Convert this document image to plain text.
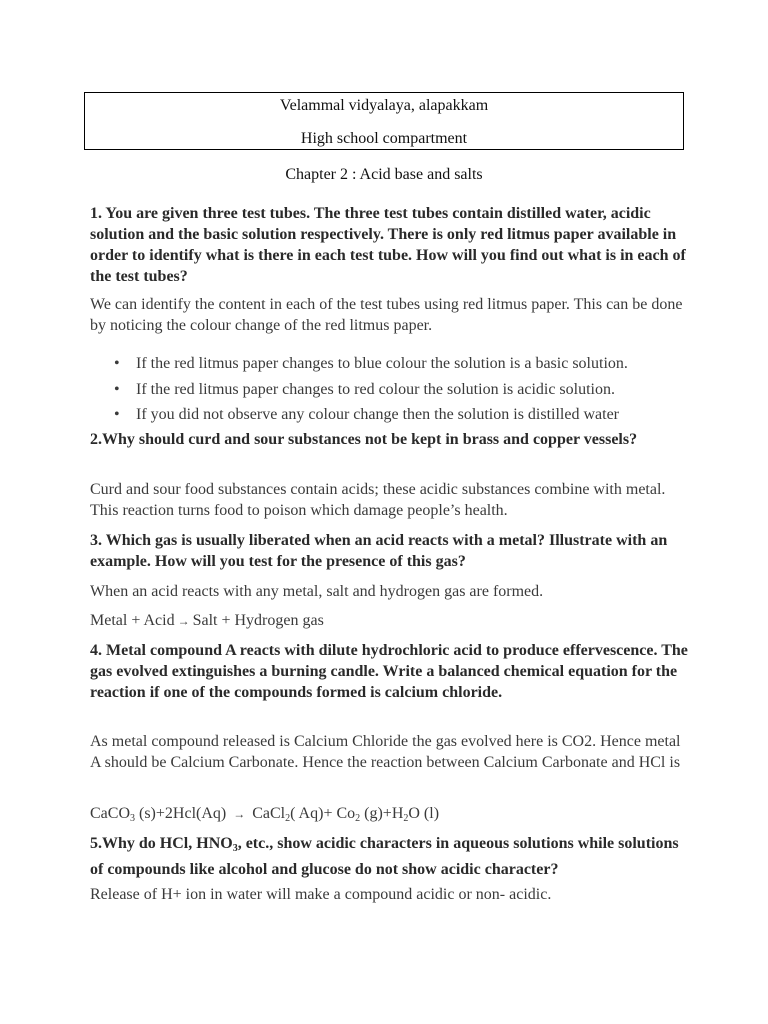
Velammal vidyalaya, alapakkam
High school compartment
Chapter 2 : Acid base and salts
1. You are given three test tubes. The three test tubes contain distilled water, acidic solution and the basic solution respectively. There is only red litmus paper available in order to identify what is there in each test tube. How will you find out what is in each of the test tubes?
We can identify the content in each of the test tubes using red litmus paper. This can be done by noticing the colour change of the red litmus paper.
• If the red litmus paper changes to blue colour the solution is a basic solution.
• If the red litmus paper changes to red colour the solution is acidic solution.
• If you did not observe any colour change then the solution is distilled water
2.Why should curd and sour substances not be kept in brass and copper vessels?
Curd and sour food substances contain acids; these acidic substances combine with metal. This reaction turns food to poison which damage people’s health.
3. Which gas is usually liberated when an acid reacts with a metal? Illustrate with an example. How will you test for the presence of this gas?
When an acid reacts with any metal, salt and hydrogen gas are formed.
Metal + Acid → Salt + Hydrogen gas
4. Metal compound A reacts with dilute hydrochloric acid to produce effervescence. The gas evolved extinguishes a burning candle. Write a balanced chemical equation for the reaction if one of the compounds formed is calcium chloride.
As metal compound released is Calcium Chloride the gas evolved here is CO2. Hence metal A should be Calcium Carbonate. Hence the reaction between Calcium Carbonate and HCl is
CaCO$_3$ (s)+2Hcl(Aq) → CaCl$_2$( $Aq)+ Co_2$ $(g)+H_2O$ (l)
5.Why do HCl, $HNO_3$, etc., show acidic characters in aqueous solutions while solutions of compounds like alcohol and glucose do not show acidic character?
Release of H+ ion in water will make a compound acidic or non- acidic.
